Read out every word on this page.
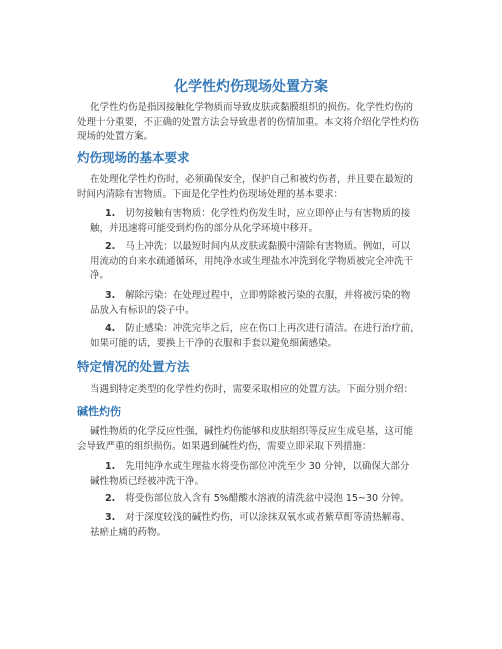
化学性灼伤现场处置方案
化学性灼伤是指因接触化学物质而导致皮肤或黏膜组织的损伤。化学性灼伤的
处理十分重要，不正确的处置方法会导致患者的伤情加重。本文将介绍化学性灼伤
现场的处置方案。
灼伤现场的基本要求
在处理化学性灼伤时，必须确保安全，保护自己和被灼伤者，并且要在最短的
时间内清除有害物质。下面是化学性灼伤现场处理的基本要求：
1. 切勿接触有害物质：化学性灼伤发生时，应立即停止与有害物质的接
触，并迅速将可能受到灼伤的部分从化学环境中移开。
2. 马上冲洗：以最短时间内从皮肤或黏膜中清除有害物质。例如，可以
用流动的自来水疏通循环，用纯净水或生理盐水冲洗到化学物质被完全冲洗干
净。
3. 解除污染：在处理过程中，立即剪除被污染的衣服，并将被污染的物
品放入有标识的袋子中。
4. 防止感染：冲洗完毕之后，应在伤口上再次进行清洁。在进行治疗前，
如果可能的话，要换上干净的衣服和手套以避免细菌感染。
特定情况的处置方法
当遇到特定类型的化学性灼伤时，需要采取相应的处置方法。下面分别介绍：
碱性灼伤
碱性物质的化学反应性强，碱性灼伤能够和皮肤组织等反应生成皂基，这可能
会导致严重的组织损伤。如果遇到碱性灼伤，需要立即采取下列措施：
1. 先用纯净水或生理盐水将受伤部位冲洗至少 30 分钟，以确保大部分
碱性物质已经被冲洗干净。
2. 将受伤部位放入含有 5%醋酸水溶液的清洗盆中浸泡 15~30 分钟。
3. 对于深度较浅的碱性灼伤，可以涂抹双氧水或者紫草酊等清热解毒、
祛瘀止痛的药物。
